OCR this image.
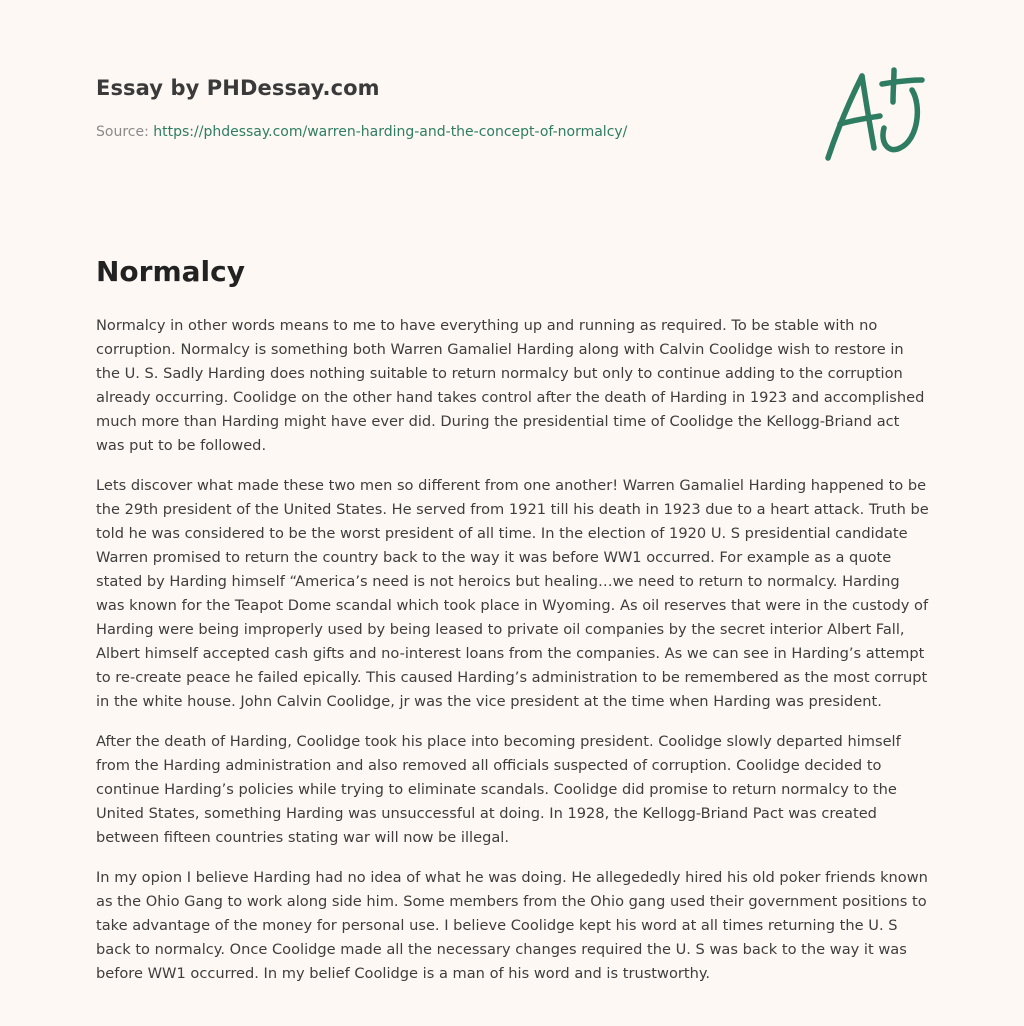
Essay by PHDessay.com
Source: https://phdessay.com/warren-harding-and-the-concept-of-normalcy/
Normalcy

Normalcy in other words means to me to have everything up and running as required. To be stable with no corruption. Normalcy is something both Warren Gamaliel Harding along with Calvin Coolidge wish to restore in the U. S. Sadly Harding does nothing suitable to return normalcy but only to continue adding to the corruption already occurring. Coolidge on the other hand takes control after the death of Harding in 1923 and accomplished much more than Harding might have ever did. During the presidential time of Coolidge the Kellogg-Briand act was put to be followed.

Lets discover what made these two men so different from one another! Warren Gamaliel Harding happened to be the 29th president of the United States. He served from 1921 till his death in 1923 due to a heart attack. Truth be told he was considered to be the worst president of all time. In the election of 1920 U. S presidential candidate Warren promised to return the country back to the way it was before WW1 occurred. For example as a quote stated by Harding himself “America’s need is not heroics but healing…we need to return to normalcy. Harding was known for the Teapot Dome scandal which took place in Wyoming. As oil reserves that were in the custody of Harding were being improperly used by being leased to private oil companies by the secret interior Albert Fall, Albert himself accepted cash gifts and no-interest loans from the companies. As we can see in Harding’s attempt to re-create peace he failed epically. This caused Harding’s administration to be remembered as the most corrupt in the white house. John Calvin Coolidge, jr was the vice president at the time when Harding was president.

After the death of Harding, Coolidge took his place into becoming president. Coolidge slowly departed himself from the Harding administration and also removed all officials suspected of corruption. Coolidge decided to continue Harding’s policies while trying to eliminate scandals. Coolidge did promise to return normalcy to the United States, something Harding was unsuccessful at doing. In 1928, the Kellogg-Briand Pact was created between fifteen countries stating war will now be illegal.

In my opion I believe Harding had no idea of what he was doing. He allegededly hired his old poker friends known as the Ohio Gang to work along side him. Some members from the Ohio gang used their government positions to take advantage of the money for personal use. I believe Coolidge kept his word at all times returning the U. S back to normalcy. Once Coolidge made all the necessary changes required the U. S was back to the way it was before WW1 occurred. In my belief Coolidge is a man of his word and is trustworthy.
